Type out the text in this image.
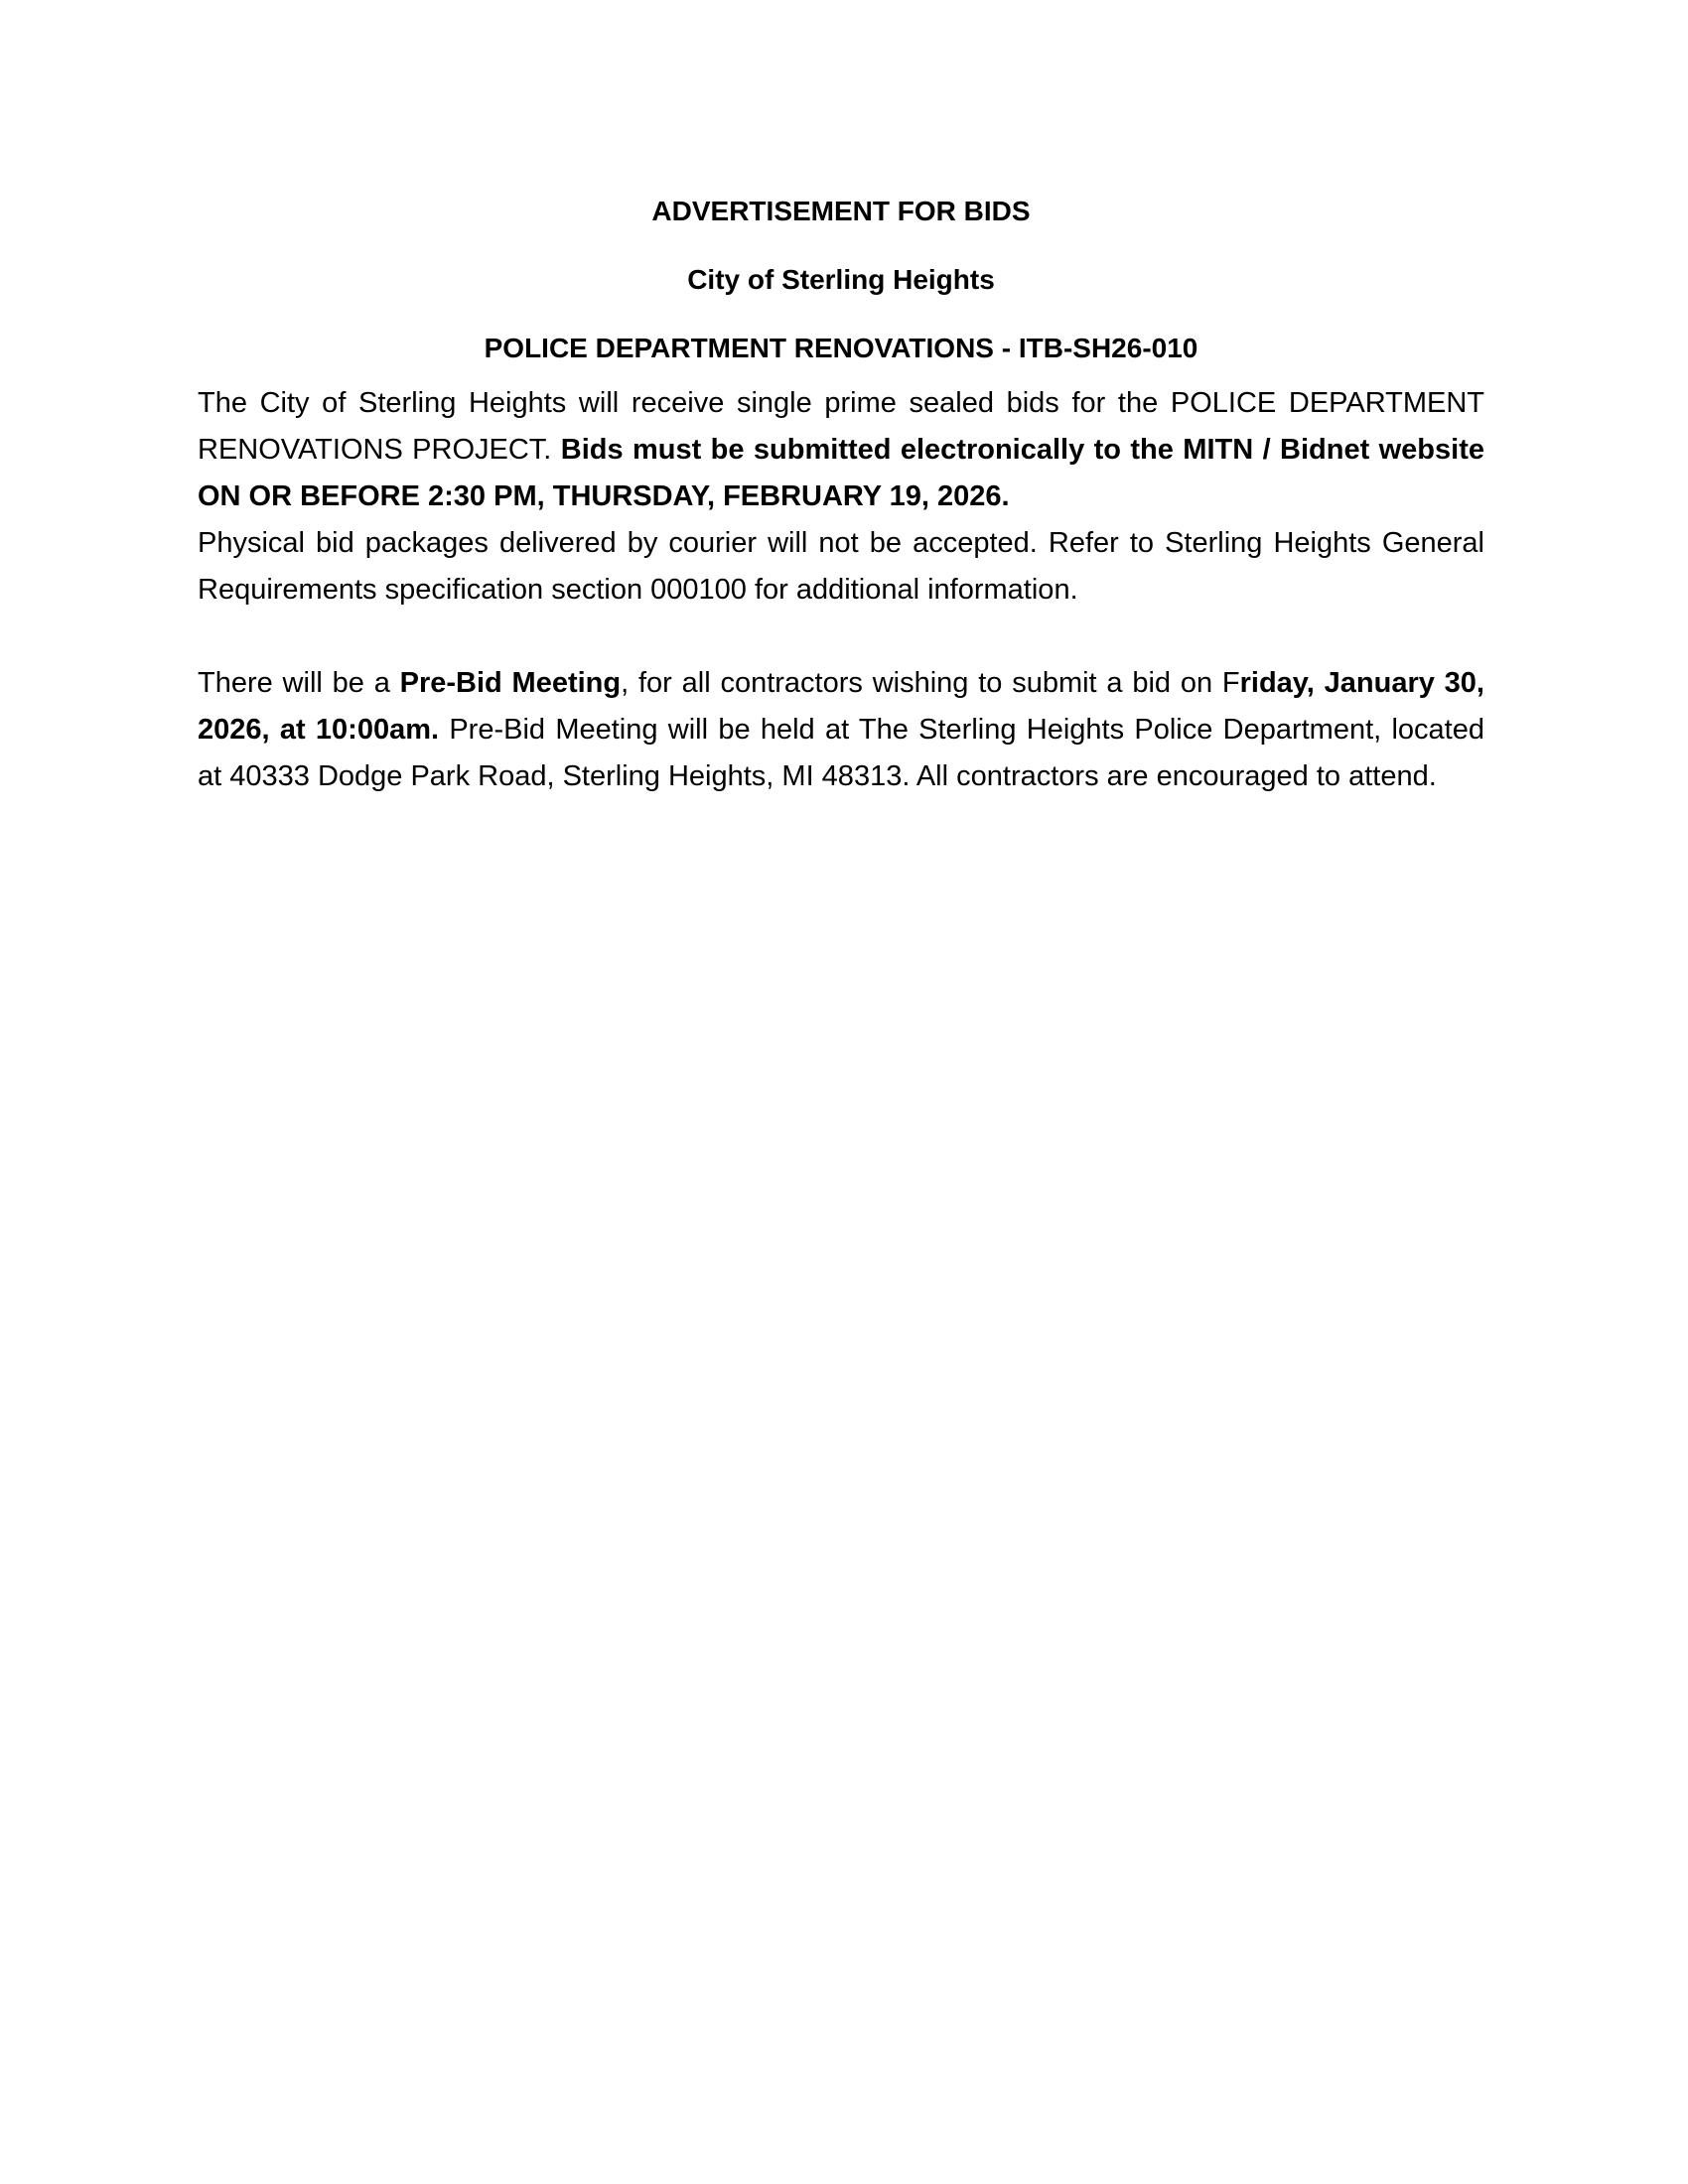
ADVERTISEMENT FOR BIDS

City of Sterling Heights

POLICE DEPARTMENT RENOVATIONS - ITB-SH26-010

The City of Sterling Heights will receive single prime sealed bids for the POLICE DEPARTMENT RENOVATIONS PROJECT. Bids must be submitted electronically to the MITN / Bidnet website ON OR BEFORE 2:30 PM, THURSDAY, FEBRUARY 19, 2026.
Physical bid packages delivered by courier will not be accepted. Refer to Sterling Heights General Requirements specification section 000100 for additional information.

There will be a Pre-Bid Meeting, for all contractors wishing to submit a bid on Friday, January 30, 2026, at 10:00am. Pre-Bid Meeting will be held at The Sterling Heights Police Department, located at 40333 Dodge Park Road, Sterling Heights, MI 48313. All contractors are encouraged to attend.
